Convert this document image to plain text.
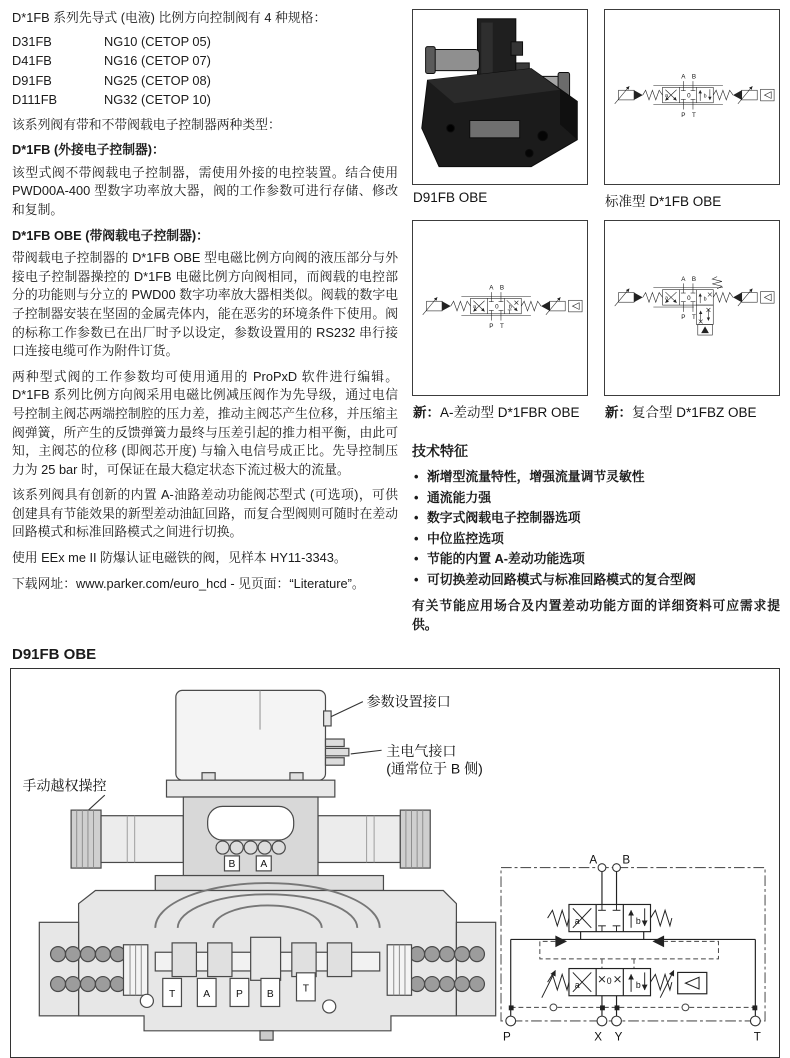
D*1FB 系列先导式 (电液) 比例方向控制阀有 4 种规格：

D31FB	NG10 (CETOP 05)
D41FB	NG16 (CETOP 07)
D91FB	NG25 (CETOP 08)
D111FB	NG32 (CETOP 10)

该系列阀有带和不带阀载电子控制器两种类型：

D*1FB (外接电子控制器)：

该型式阀不带阀载电子控制器，需使用外接的电控装置。结合使用 PWD00A-400 型数字功率放大器，阀的工作参数可进行存储、修改和复制。

D*1FB OBE (带阀载电子控制器)：

带阀载电子控制器的 D*1FB OBE 型电磁比例方向阀的液压部分与外接电子控制器操控的 D*1FB 电磁比例方向阀相同，而阀载的电控部分的功能则与分立的 PWD00 数字功率放大器相类似。阀载的数字电子控制器安装在坚固的金属壳体内，能在恶劣的环境条件下使用。阀的标称工作参数已在出厂时予以设定，参数设置用的 RS232 串行接口连接电缆可作为附件订货。

两种型式阀的工作参数均可使用通用的 ProPxD 软件进行编辑。D*1FB 系列比例方向阀采用电磁比例减压阀作为先导级，通过电信号控制主阀芯两端控制腔的压力差，推动主阀芯产生位移，并压缩主阀弹簧，所产生的反馈弹簧力最终与压差引起的推力相平衡，由此可知，主阀芯的位移 (即阀芯开度) 与输入电信号成正比。先导控制压力为 25 bar 时，可保证在最大稳定状态下流过极大的流量。

该系列阀具有创新的内置 A-油路差动功能阀芯型式 (可选项)，可供创建具有节能效果的新型差动油缸回路，而复合型阀则可随时在差动回路模式和标准回路模式之间进行切换。

使用 EEx me II 防爆认证电磁铁的阀，见样本 HY11-3343。

下载网址：www.parker.com/euro_hcd - 见页面：“Literature”。

D91FB OBE
A B
P T
a 0 b
标准型 D*1FB OBE
A B
P T
a 0 b
新：A-差动型 D*1FBR OBE
A B
P T
a 0 b
新：复合型 D*1FBZ OBE
技术特征
• 渐增型流量特性，增强流量调节灵敏性
• 通流能力强
• 数字式阀载电子控制器选项
• 中位监控选项
• 节能的内置 A-差动功能选项
• 可切换差动回路模式与标准回路模式的复合型阀
有关节能应用场合及内置差动功能方面的详细资料可应需求提供。
D91FB OBE
参数设置接口
主电气接口
(通常位于 B 侧)
手动越权操控
B A
T	A P B
T
A B
a	b
a	0	b
P	X Y	T
